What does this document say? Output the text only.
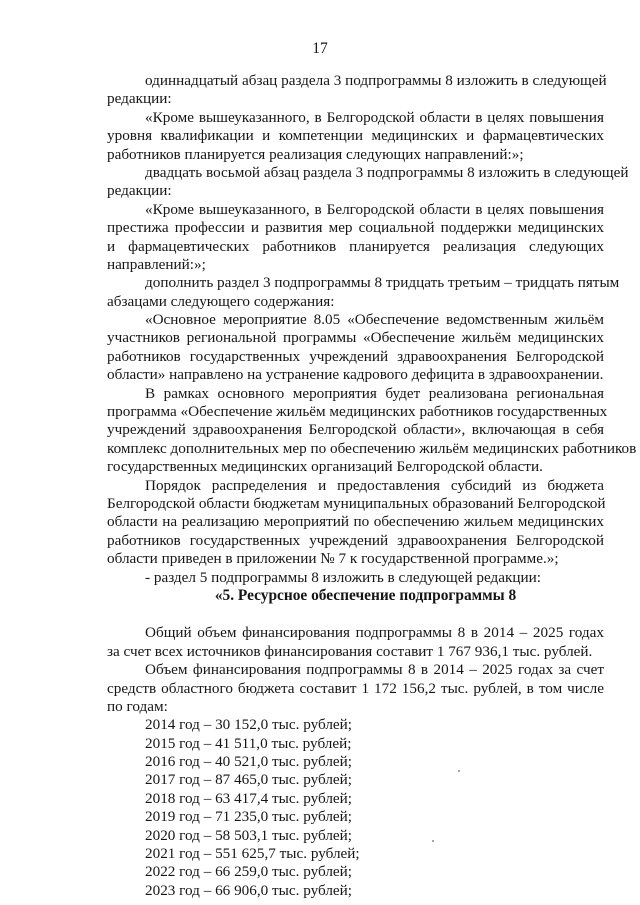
17
одиннадцатый абзац раздела 3 подпрограммы 8 изложить в следующей
редакции:
«Кроме вышеуказанного, в Белгородской области в целях повышения
уровня квалификации и компетенции медицинских и фармацевтических
работников планируется реализация следующих направлений:»;
двадцать восьмой абзац раздела 3 подпрограммы 8 изложить в следующей
редакции:
«Кроме вышеуказанного, в Белгородской области в целях повышения
престижа профессии и развития мер социальной поддержки медицинских
и фармацевтических работников планируется реализация следующих
направлений:»;
дополнить раздел 3 подпрограммы 8 тридцать третьим – тридцать пятым
абзацами следующего содержания:
«Основное мероприятие 8.05 «Обеспечение ведомственным жильём
участников региональной программы «Обеспечение жильём медицинских
работников государственных учреждений здравоохранения Белгородской
области» направлено на устранение кадрового дефицита в здравоохранении.
В рамках основного мероприятия будет реализована региональная
программа «Обеспечение жильём медицинских работников государственных
учреждений здравоохранения Белгородской области», включающая в себя
комплекс дополнительных мер по обеспечению жильём медицинских работников
государственных медицинских организаций Белгородской области.
Порядок распределения и предоставления субсидий из бюджета
Белгородской области бюджетам муниципальных образований Белгородской
области на реализацию мероприятий по обеспечению жильем медицинских
работников государственных учреждений здравоохранения Белгородской
области приведен в приложении № 7 к государственной программе.»;
- раздел 5 подпрограммы 8 изложить в следующей редакции:
«5. Ресурсное обеспечение подпрограммы 8
Общий объем финансирования подпрограммы 8 в 2014 – 2025 годах
за счет всех источников финансирования составит 1 767 936,1 тыс. рублей.
Объем финансирования подпрограммы 8 в 2014 – 2025 годах за счет
средств областного бюджета составит 1 172 156,2 тыс. рублей, в том числе
по годам:
2014 год – 30 152,0 тыс. рублей;
2015 год – 41 511,0 тыс. рублей;
2016 год – 40 521,0 тыс. рублей;
2017 год – 87 465,0 тыс. рублей;
2018 год – 63 417,4 тыс. рублей;
2019 год – 71 235,0 тыс. рублей;
2020 год – 58 503,1 тыс. рублей;
2021 год – 551 625,7 тыс. рублей;
2022 год – 66 259,0 тыс. рублей;
2023 год – 66 906,0 тыс. рублей;
